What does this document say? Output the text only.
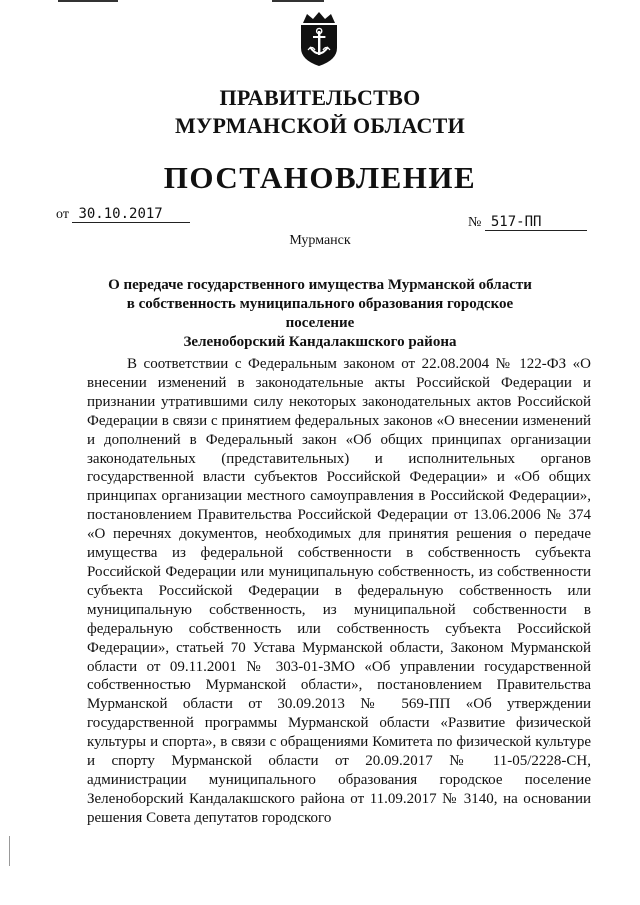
ПРАВИТЕЛЬСТВО
МУРМАНСКОЙ ОБЛАСТИ
ПОСТАНОВЛЕНИЕ
от 30.10.2017
№ 517-ПП
Мурманск
О передаче государственного имущества Мурманской области
в собственность муниципального образования городское поселение
Зеленоборский Кандалакшского района

В соответствии с Федеральным законом от 22.08.2004 № 122-ФЗ «О внесении изменений в законодательные акты Российской Федерации и признании утратившими силу некоторых законодательных актов Российской Федерации в связи с принятием федеральных законов «О внесении изменений и дополнений в Федеральный закон «Об общих принципах организации законодательных (представительных) и исполнительных органов государственной власти субъектов Российской Федерации» и «Об общих принципах организации местного самоуправления в Российской Федерации», постановлением Правительства Российской Федерации от 13.06.2006 № 374 «О перечнях документов, необходимых для принятия решения о передаче имущества из федеральной собственности в собственность субъекта Российской Федерации или муниципальную собственность, из собственности субъекта Российской Федерации в федеральную собственность или муниципальную собственность, из муниципальной собственности в федеральную собственность или собственность субъекта Российской Федерации», статьей 70 Устава Мурманской области, Законом Мурманской области от 09.11.2001 № 303-01-ЗМО «Об управлении государственной собственностью Мурманской области», постановлением Правительства Мурманской области от 30.09.2013 № 569-ПП «Об утверждении государственной программы Мурманской области «Развитие физической культуры и спорта», в связи с обращениями Комитета по физической культуре и спорту Мурманской области от 20.09.2017 № 11-05/2228-СН, администрации муниципального образования городское поселение Зеленоборский Кандалакшского района от 11.09.2017 № 3140, на основании решения Совета депутатов городского
